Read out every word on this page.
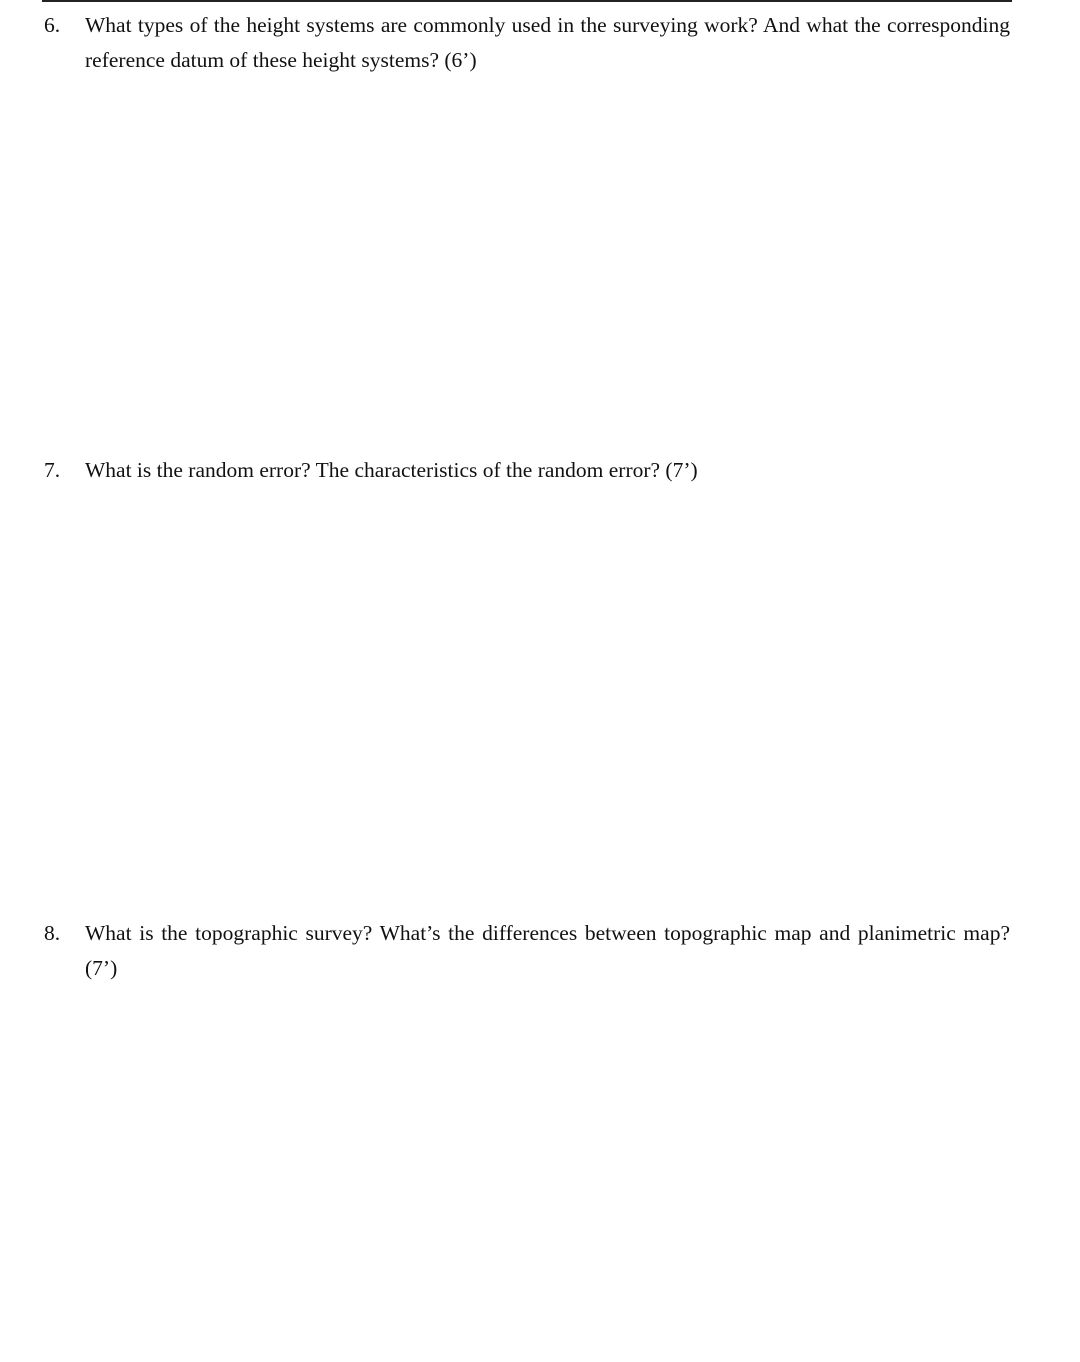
6.	What types of the height systems are commonly used in the surveying work? And what the corresponding reference datum of these height systems? (6’)
7.	What is the random error? The characteristics of the random error? (7’)
8.	What is the topographic survey? What’s the differences between topographic map and planimetric map? (7’)
